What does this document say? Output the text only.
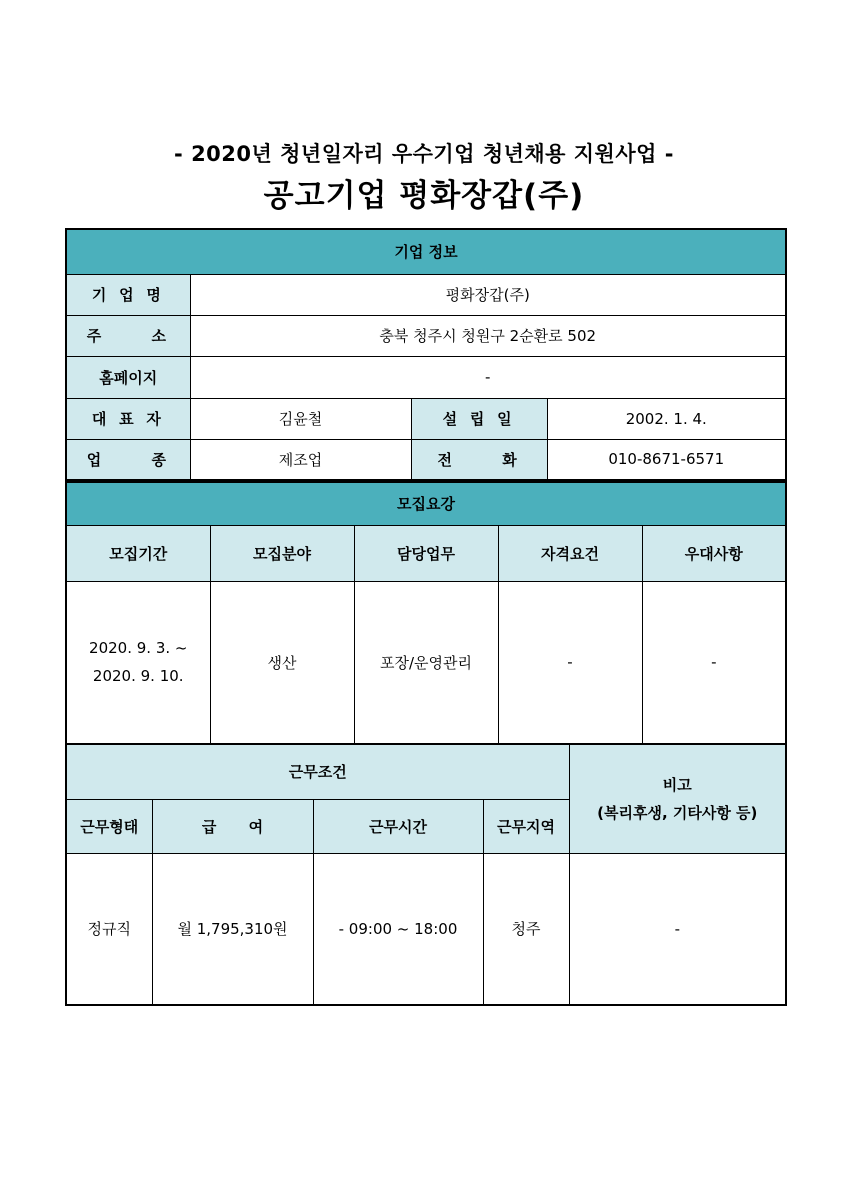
- 2020년 청년일자리 우수기업 청년채용 지원사업 -
공고기업 평화장갑(주)
기업 정보			
기 업 명	평화장갑(주)		
주 소	충북 청주시 청원구 2순환로 502		
홈페이지	-		
대 표 자	김윤철	설 립 일	2002. 1. 4.
업 종	제조업	전 화	010-8671-6571
모집요강				
모집기간	모집분야	담당업무	자격요건	우대사항

2020. 9. 3. ~
2020. 9. 10.	생산	포장/운영관리	-	-
근무조건				비고
(복리후생, 기타사항 등)

근무형태	급 여	근무시간	근무지역	
정규직	월 1,795,310원	- 09:00 ~ 18:00	청주	-
